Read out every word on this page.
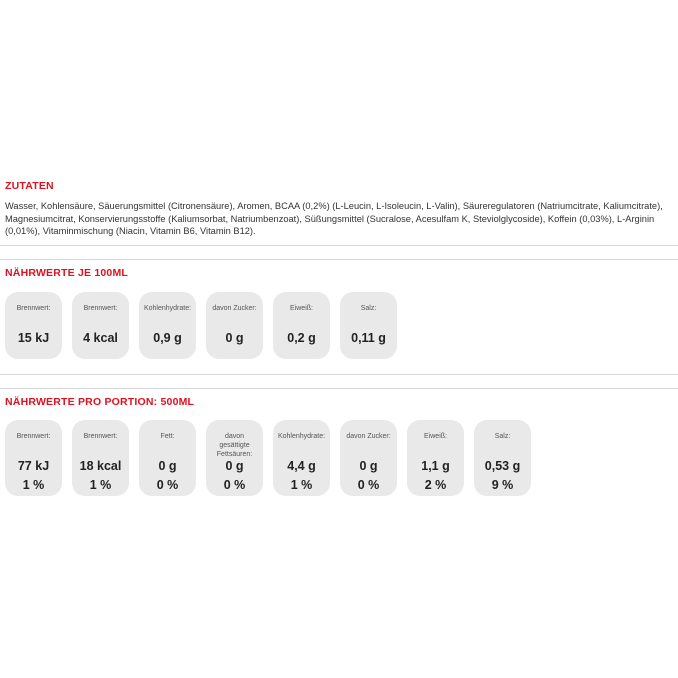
ZUTATEN
Wasser, Kohlensäure, Säuerungsmittel (Citronensäure), Aromen, BCAA (0,2%) (L-Leucin, L-Isoleucin, L-Valin), Säureregulatoren (Natriumcitrate, Kaliumcitrate), Magnesiumcitrat, Konservierungsstoffe (Kaliumsorbat, Natriumbenzoat), Süßungsmittel (Sucralose, Acesulfam K, Steviolglycoside), Koffein (0,03%), L-Arginin (0,01%), Vitaminmischung (Niacin, Vitamin B6, Vitamin B12).
NÄHRWERTE JE 100ML
Brennwert:
15 kJ
Brennwert:
4 kcal
Kohlenhydrate:
0,9 g
davon Zucker:
0 g
Eiweiß:
0,2 g
Salz:
0,11 g
NÄHRWERTE PRO PORTION: 500ML
Brennwert:
77 kJ
1 %
Brennwert:
18 kcal
1 %
Fett:
0 g
0 %
davon gesättigte Fettsäuren:
0 g
0 %
Kohlenhydrate:
4,4 g
1 %
davon Zucker:
0 g
0 %
Eiweiß:
1,1 g
2 %
Salz:
0,53 g
9 %
